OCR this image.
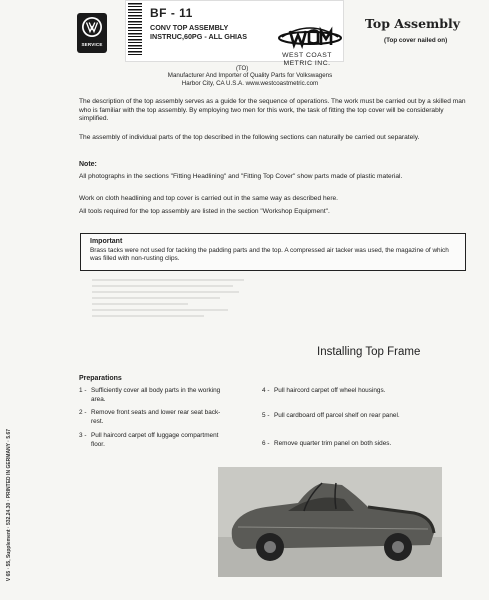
SERVICE
BF - 11
CONV TOP ASSEMBLY
INSTRUC,60PG - ALL GHIAS
WEST COAST
METRIC INC.
(TO)
Manufacturer And Importer of Quality Parts for Volkswagens
Harbor City, CA U.S.A. www.westcoastmetric.com
Top Assembly
(Top cover nailed on)
The description of the top assembly serves as a guide for the sequence of operations. The work must be carried out by a skilled man who is familiar with the top assembly. By employing two men for this work, the task of fitting the top cover will be considerably simplified.
The assembly of individual parts of the top described in the following sections can naturally be carried out separately.
Note:
All photographs in the sections "Fitting Headlining" and "Fitting Top Cover" show parts made of plastic material.
Work on cloth headlining and top cover is carried out in the same way as described here.
All tools required for the top assembly are listed in the section "Workshop Equipment".
Important
Brass tacks were not used for tacking the padding parts and the top. A compressed air tacker was used, the magazine of which was filled with non-rusting clips.
Installing Top Frame
Preparations
1 - Sufficiently cover all body parts in the working
area.
2 - Remove front seats and lower rear seat back-
rest.
3 - Pull haircord carpet off luggage compartment
floor.
4 - Pull haircord carpet off wheel housings.
5 - Pull cardboard off parcel shelf on rear panel.
6 - Remove quarter trim panel on both sides.
V 65 · 55, Supplement · 532.24.30 · PRINTED IN GERMANY · 5.67
